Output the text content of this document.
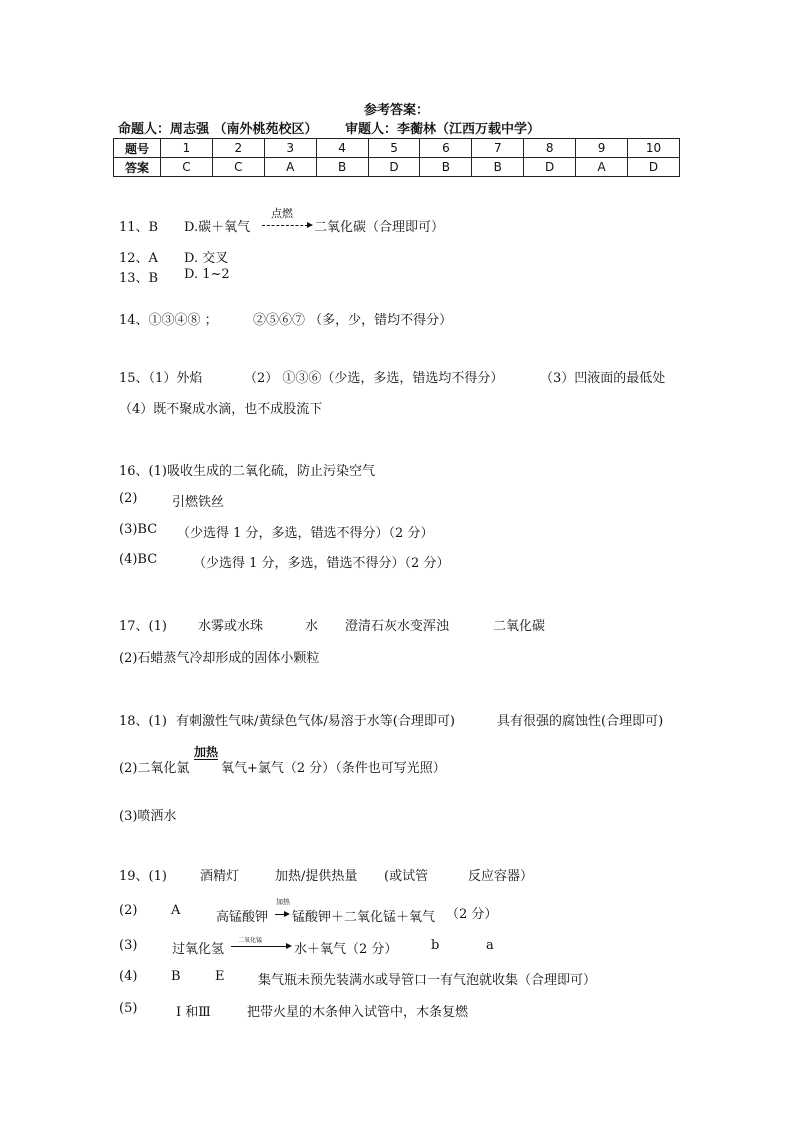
参考答案：
命题人：周志强 （南外桃苑校区） 审题人：李蘅林（江西万载中学）
题号	1	2	3	4	5	6	7	8	9	10
答案	C	C	A	B	D	B	B	D	A	D
11、B D.碳＋氧气
点燃
二氧化碳（合理即可）
12、A D. 交叉
13、B D. 1~2
14、①③④⑧ ；	②⑤⑥⑦ （多，少，错均不得分）
15、（1）外焰	（2） ①③⑥（少选，多选，错选均不得分）	（3）凹液面的最低处
（4）既不聚成水滴，也不成股流下
16、(1)吸收生成的二氧化硫，防止污染空气
(2)	引燃铁丝
(3)BC （少选得 1 分，多选，错选不得分）（2 分）
(4)BC	（少选得 1 分，多选，错选不得分）（2 分）
17、(1) 水雾或水珠	水 澄清石灰水变浑浊	二氧化碳
(2)石蜡蒸气冷却形成的固体小颗粒
18、(1) 有刺激性气味/黄绿色气体/易溶于水等(合理即可)	具有很强的腐蚀性(合理即可)
(2)二氧化氯
加热
氧气+氯气（2 分）（条件也可写光照）
(3)喷洒水
19、(1)	酒精灯	加热/提供热量 (或试管	反应容器）
(2)	A	高锰酸钾
加热
锰酸钾＋二氧化锰＋氧气 （2 分）
(3)	过氧化氢
二氧化锰
水＋氧气（2 分）	b	a
(4)	B	E	集气瓶未预先装满水或导管口一有气泡就收集（合理即可）
(5)	I 和Ⅲ	把带火星的木条伸入试管中，木条复燃
